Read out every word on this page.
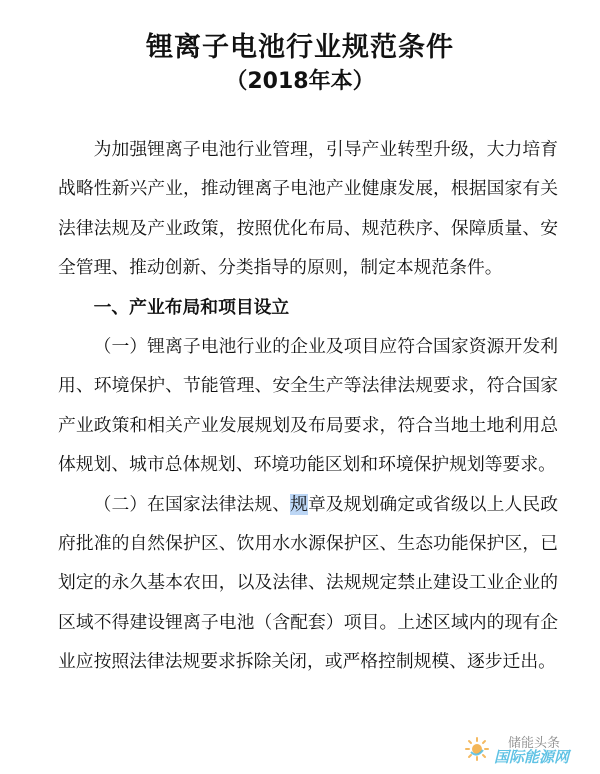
锂离子电池行业规范条件
（2018年本）

为加强锂离子电池行业管理，引导产业转型升级，大力培育战略性新兴产业，推动锂离子电池产业健康发展，根据国家有关法律法规及产业政策，按照优化布局、规范秩序、保障质量、安全管理、推动创新、分类指导的原则，制定本规范条件。

一、产业布局和项目设立

（一）锂离子电池行业的企业及项目应符合国家资源开发利用、环境保护、节能管理、安全生产等法律法规要求，符合国家产业政策和相关产业发展规划及布局要求，符合当地土地利用总体规划、城市总体规划、环境功能区划和环境保护规划等要求。

（二）在国家法律法规、规章及规划确定或省级以上人民政府批准的自然保护区、饮用水水源保护区、生态功能保护区，已划定的永久基本农田，以及法律、法规规定禁止建设工业企业的区域不得建设锂离子电池（含配套）项目。上述区域内的现有企业应按照法律法规要求拆除关闭，或严格控制规模、逐步迁出。

储能头条
国际能源网
